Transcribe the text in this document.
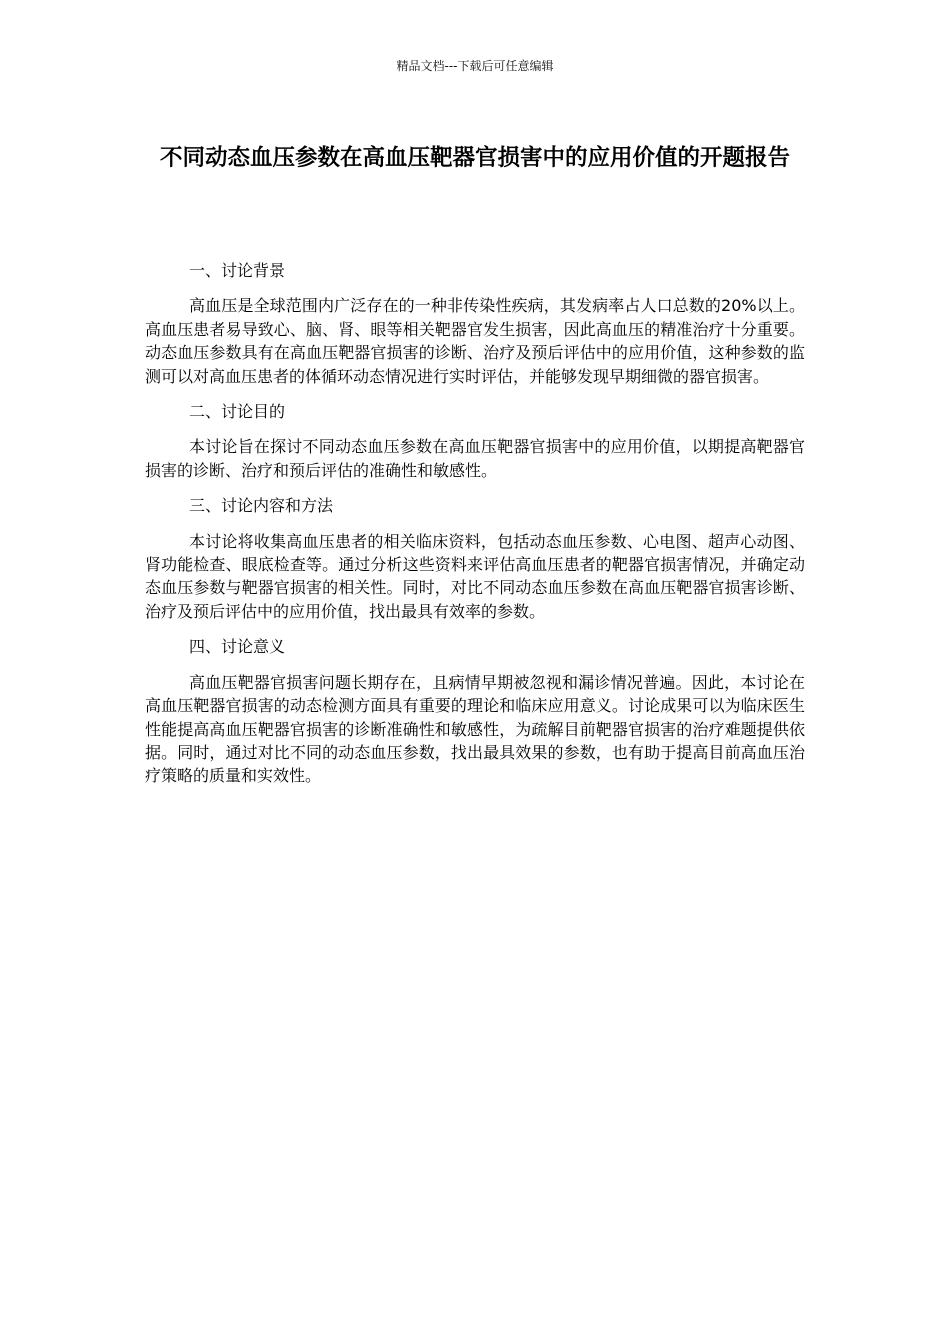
精品文档---下载后可任意编辑
不同动态血压参数在高血压靶器官损害中的应用价值的开题报告

一、讨论背景

高血压是全球范围内广泛存在的一种非传染性疾病，其发病率占人口总数的20%以上。高血压患者易导致心、脑、肾、眼等相关靶器官发生损害，因此高血压的精准治疗十分重要。动态血压参数具有在高血压靶器官损害的诊断、治疗及预后评估中的应用价值，这种参数的监测可以对高血压患者的体循环动态情况进行实时评估，并能够发现早期细微的器官损害。

二、讨论目的

本讨论旨在探讨不同动态血压参数在高血压靶器官损害中的应用价值，以期提高靶器官损害的诊断、治疗和预后评估的准确性和敏感性。

三、讨论内容和方法

本讨论将收集高血压患者的相关临床资料，包括动态血压参数、心电图、超声心动图、肾功能检查、眼底检查等。通过分析这些资料来评估高血压患者的靶器官损害情况，并确定动态血压参数与靶器官损害的相关性。同时，对比不同动态血压参数在高血压靶器官损害诊断、治疗及预后评估中的应用价值，找出最具有效率的参数。

四、讨论意义

高血压靶器官损害问题长期存在，且病情早期被忽视和漏诊情况普遍。因此，本讨论在高血压靶器官损害的动态检测方面具有重要的理论和临床应用意义。讨论成果可以为临床医生性能提高高血压靶器官损害的诊断准确性和敏感性，为疏解目前靶器官损害的治疗难题提供依据。同时，通过对比不同的动态血压参数，找出最具效果的参数，也有助于提高目前高血压治疗策略的质量和实效性。
